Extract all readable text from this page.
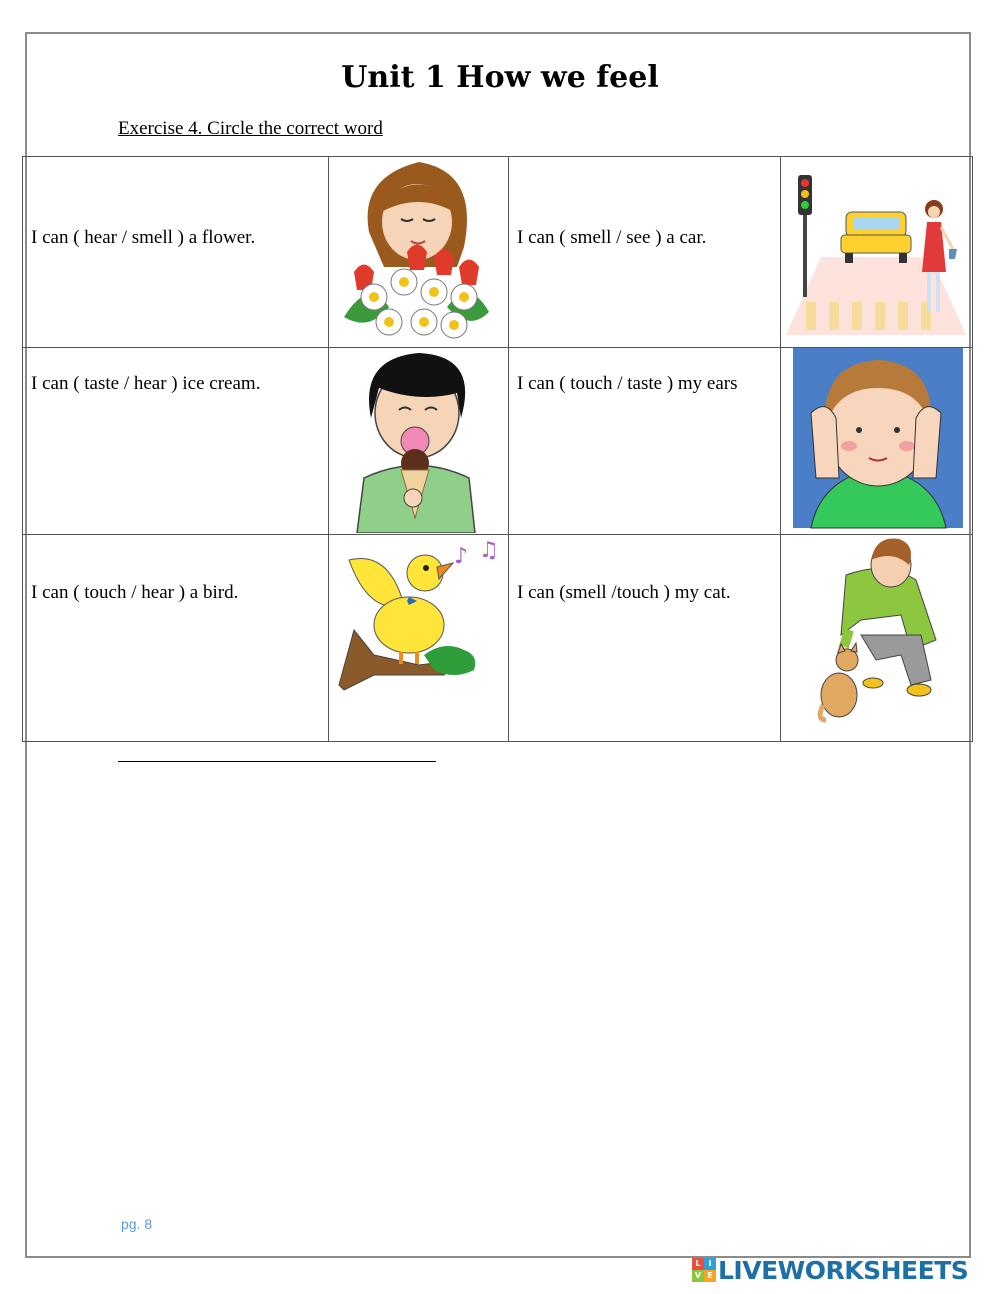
Unit 1 How we feel
Exercise 4. Circle the correct word
I can ( hear / smell ) a flower.		I can ( smell / see ) a car.

I can ( taste / hear ) ice cream.		I can ( touch / taste ) my ears

I can ( touch / hear ) a bird.	♪ ♫	I can (smell /touch ) my cat.

pg. 8
L I
V E LIVEWORKSHEETS
